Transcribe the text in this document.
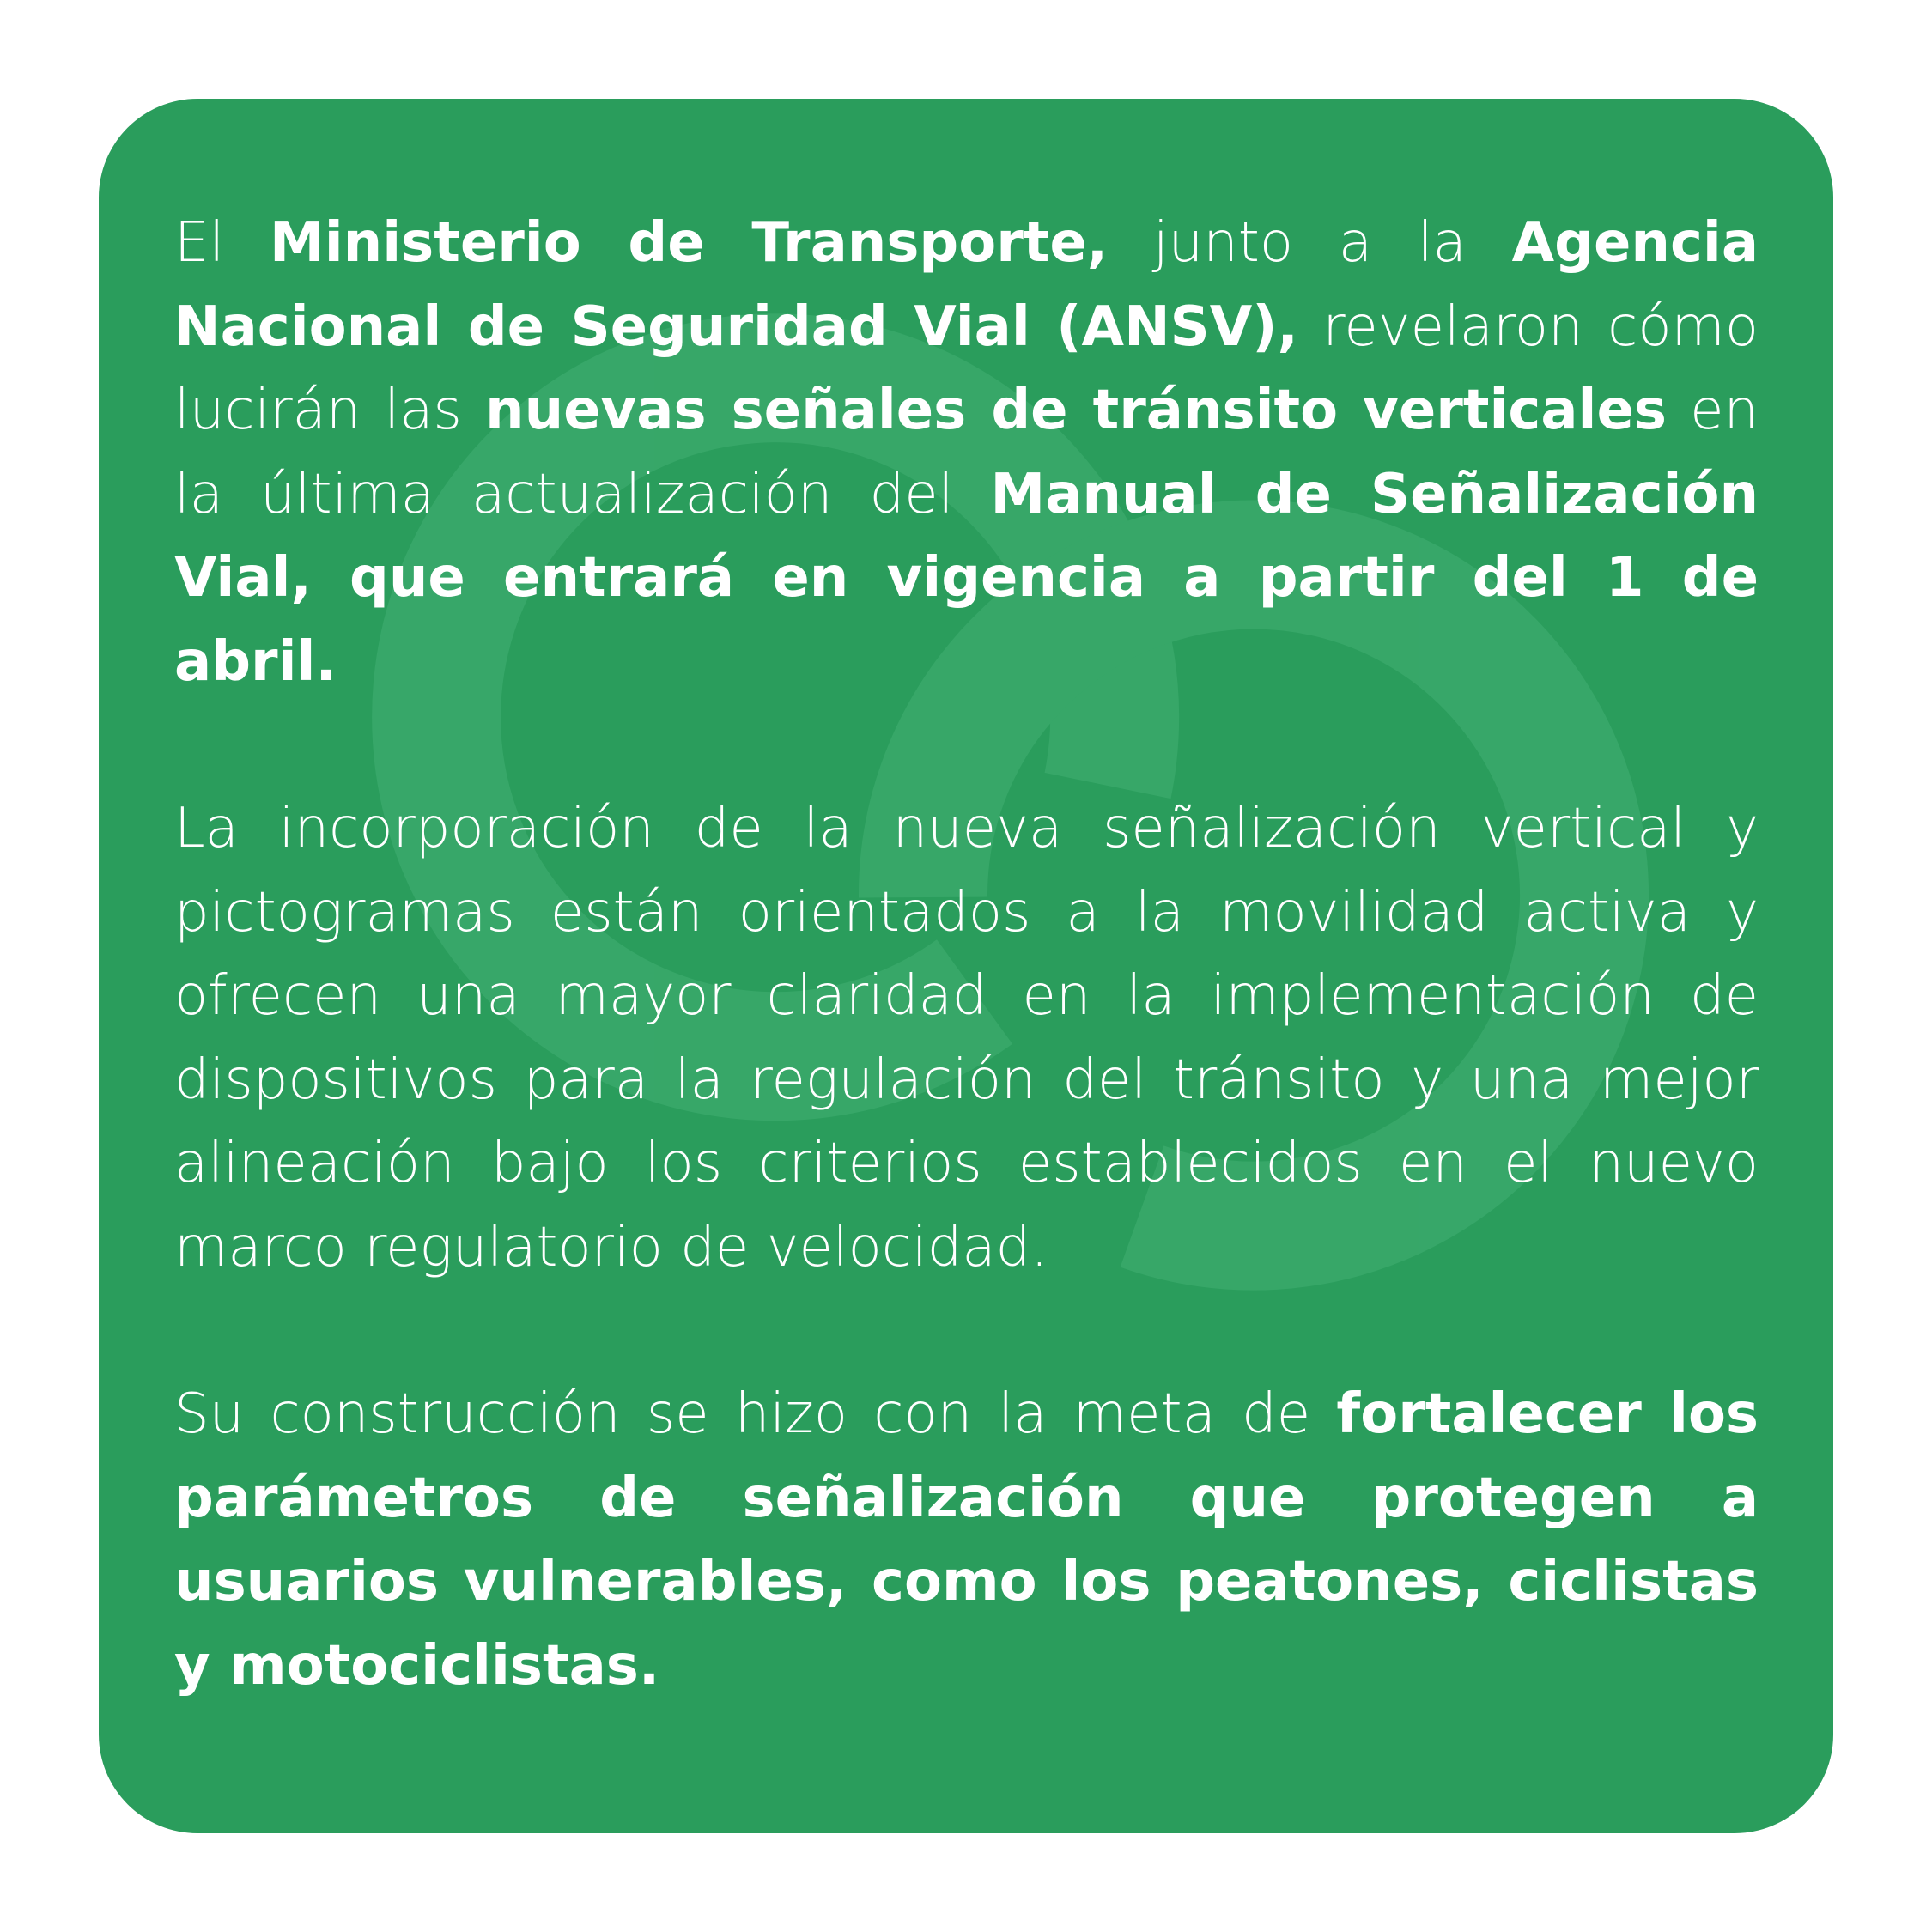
El Ministerio de Transporte, junto a la Agencia Nacional de Seguridad Vial (ANSV), revelaron cómo lucirán las nuevas señales de tránsito verticales en la última actualización del Manual de Señalización Vial, que entrará en vigencia a partir del 1 de abril.

La incorporación de la nueva señalización vertical y pictogramas están orientados a la movilidad activa y ofrecen una mayor claridad en la implementación de dispositivos para la regulación del tránsito y una mejor alineación bajo los criterios establecidos en el nuevo marco regulatorio de velocidad.

Su construcción se hizo con la meta de fortalecer los parámetros de señalización que protegen a usuarios vulnerables, como los peatones, ciclistas y motociclistas.
